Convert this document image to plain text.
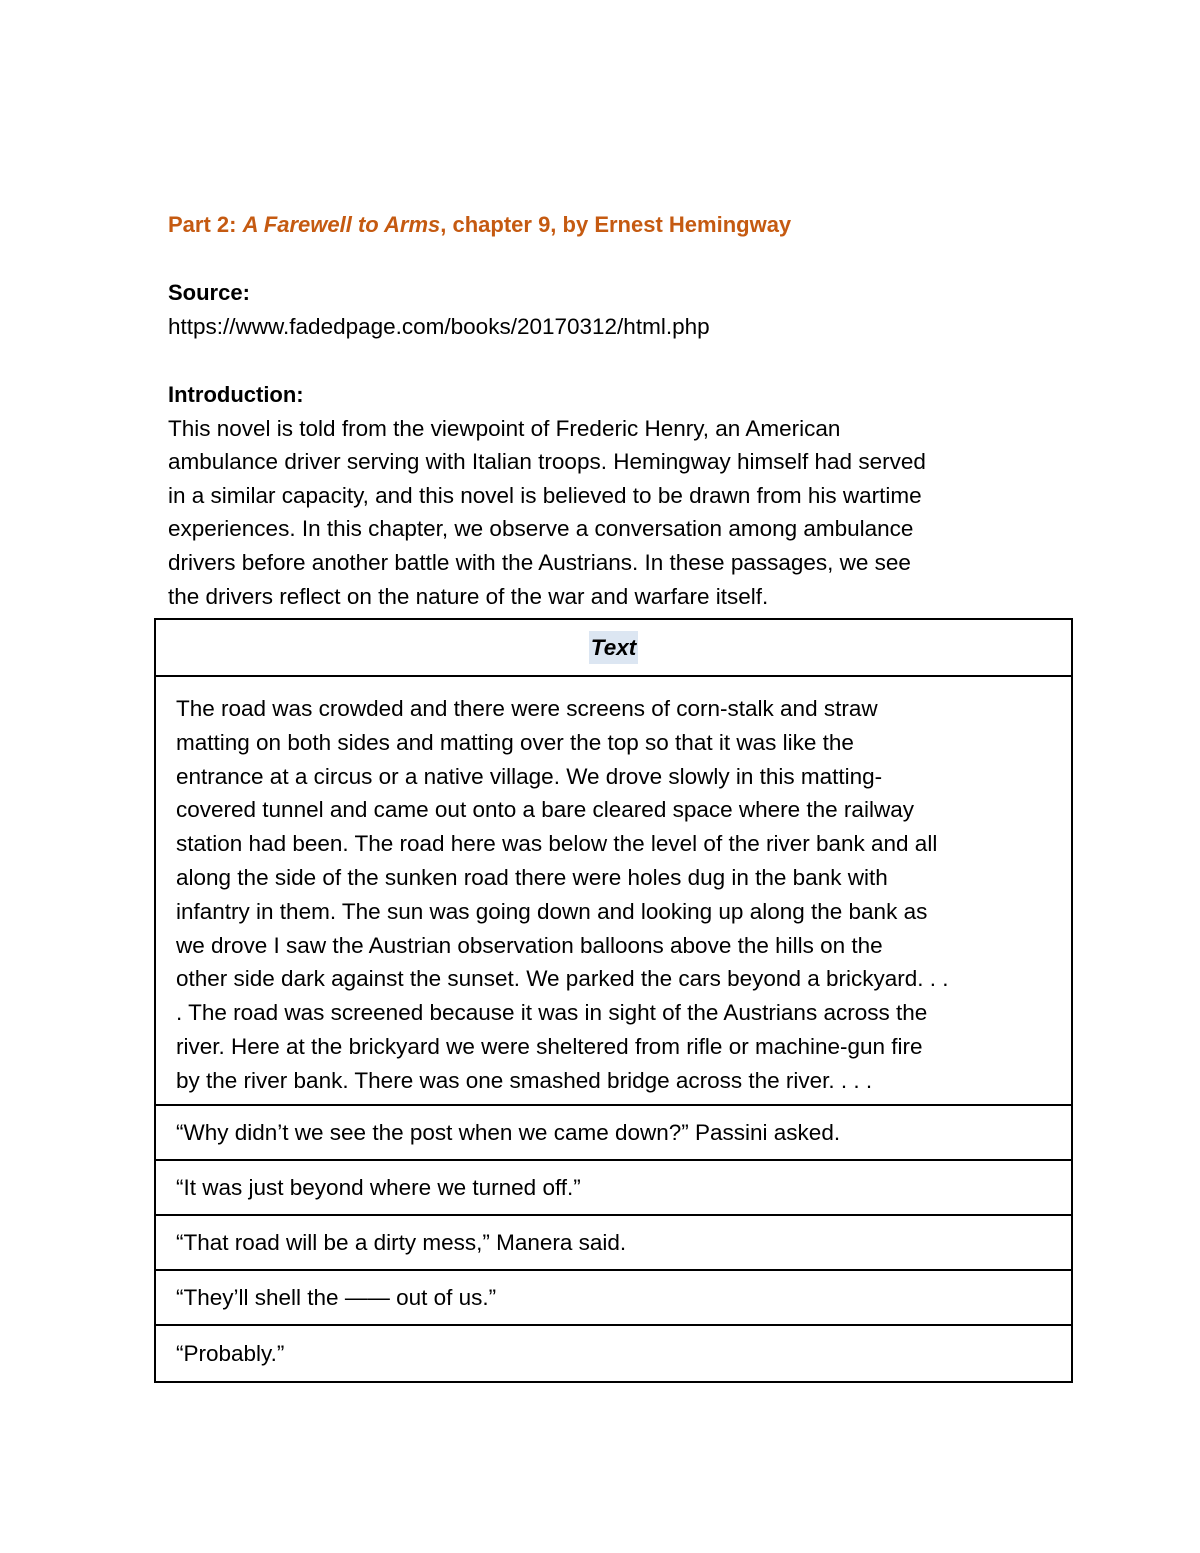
Part 2: A Farewell to Arms, chapter 9, by Ernest Hemingway
Source:
https://www.fadedpage.com/books/20170312/html.php
Introduction:
This novel is told from the viewpoint of Frederic Henry, an American
ambulance driver serving with Italian troops. Hemingway himself had served
in a similar capacity, and this novel is believed to be drawn from his wartime
experiences. In this chapter, we observe a conversation among ambulance
drivers before another battle with the Austrians. In these passages, we see
the drivers reflect on the nature of the war and warfare itself.
Text
The road was crowded and there were screens of corn-stalk and straw
matting on both sides and matting over the top so that it was like the
entrance at a circus or a native village. We drove slowly in this matting-
covered tunnel and came out onto a bare cleared space where the railway
station had been. The road here was below the level of the river bank and all
along the side of the sunken road there were holes dug in the bank with
infantry in them. The sun was going down and looking up along the bank as
we drove I saw the Austrian observation balloons above the hills on the
other side dark against the sunset. We parked the cars beyond a brickyard. . .
. The road was screened because it was in sight of the Austrians across the
river. Here at the brickyard we were sheltered from rifle or machine-gun fire
by the river bank. There was one smashed bridge across the river. . . .
“Why didn’t we see the post when we came down?” Passini asked.
“It was just beyond where we turned off.”
“That road will be a dirty mess,” Manera said.
“They’ll shell the —— out of us.”
“Probably.”
